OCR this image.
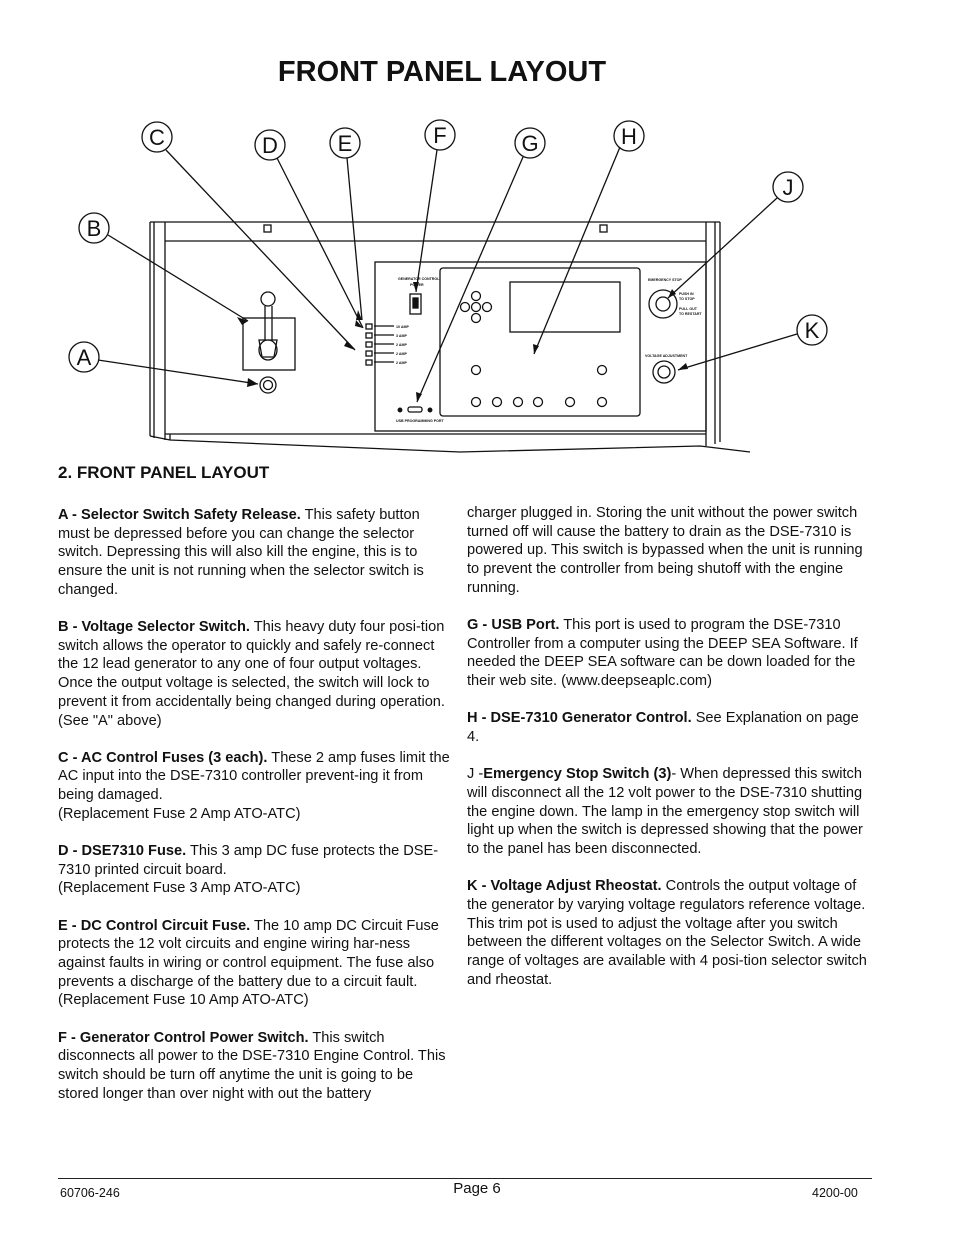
FRONT PANEL LAYOUT
A
B
C	D	E	F	G	H
J
K
GENERATOR CONTROL
POWER
10 AMP
3 AMP
2 AMP
2 AMP
2 AMP
USB PROGRAMMING PORT
EMERGENCY STOP
PUSH IN
TO STOP
PULL OUT
TO RESTART
VOLTAGE ADJUSTMENT
2. FRONT PANEL LAYOUT

A - Selector Switch Safety Release. This safety button must be depressed before you can change the selector switch. Depressing this will also kill the engine, this is to ensure the unit is not running when the selector switch is changed.

B - Voltage Selector Switch. This heavy duty four posi-tion switch allows the operator to quickly and safely re-connect the 12 lead generator to any one of four output voltages. Once the output voltage is selected, the switch will lock to prevent it from accidentally being changed during operation. (See "A" above)

C - AC Control Fuses (3 each). These 2 amp fuses limit the AC input into the DSE-7310 controller prevent-ing it from being damaged.
(Replacement Fuse 2 Amp ATO-ATC)

D - DSE7310 Fuse. This 3 amp DC fuse protects the DSE-7310 printed circuit board.
(Replacement Fuse 3 Amp ATO-ATC)

E - DC Control Circuit Fuse. The 10 amp DC Circuit Fuse protects the 12 volt circuits and engine wiring har-ness against faults in wiring or control equipment. The fuse also prevents a discharge of the battery due to a circuit fault. (Replacement Fuse 10 Amp ATO-ATC)

F - Generator Control Power Switch. This switch disconnects all power to the DSE-7310 Engine Control. This switch should be turn off anytime the unit is going to be stored longer than over night with out the battery

charger plugged in. Storing the unit without the power switch turned off will cause the battery to drain as the DSE-7310 is powered up. This switch is bypassed when the unit is running to prevent the controller from being shutoff with the engine running.

G - USB Port. This port is used to program the DSE-7310 Controller from a computer using the DEEP SEA Software. If needed the DEEP SEA software can be down loaded for the their web site. (www.deepseaplc.com)

H - DSE-7310 Generator Control. See Explanation on page 4.

J -Emergency Stop Switch (3)- When depressed this switch will disconnect all the 12 volt power to the DSE-7310 shutting the engine down. The lamp in the emergency stop switch will light up when the switch is depressed showing that the power to the panel has been disconnected.

K - Voltage Adjust Rheostat. Controls the output voltage of the generator by varying voltage regulators reference voltage. This trim pot is used to adjust the voltage after you switch between the different voltages on the Selector Switch. A wide range of voltages are available with 4 posi-tion selector switch and rheostat.

60706-246	Page 6	4200-00
